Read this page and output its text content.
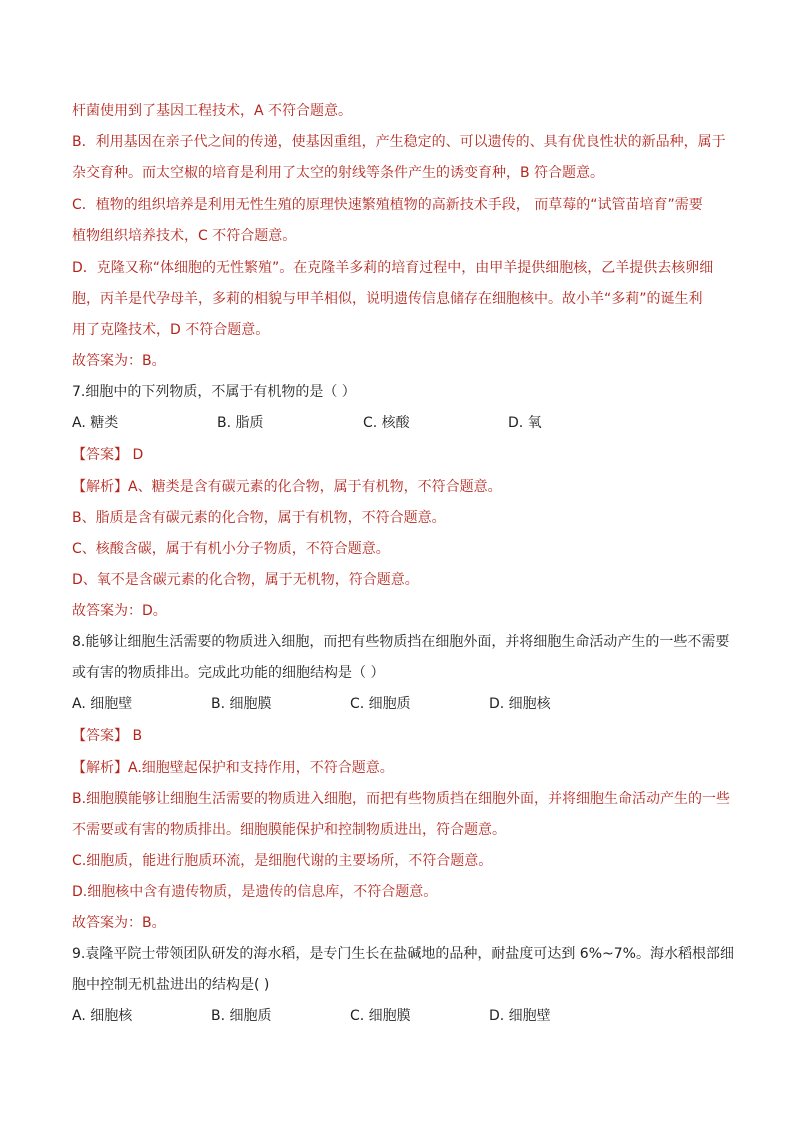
杆菌使用到了基因工程技术，A 不符合题意。
B．利用基因在亲子代之间的传递，使基因重组，产生稳定的、可以遗传的、具有优良性状的新品种，属于
杂交育种。而太空椒的培育是利用了太空的射线等条件产生的诱变育种，B 符合题意。
C．植物的组织培养是利用无性生殖的原理快速繁殖植物的高新技术手段， 而草莓的“试管苗培育”需要
植物组织培养技术，C 不符合题意。
D．克隆又称“体细胞的无性繁殖”。在克隆羊多莉的培育过程中，由甲羊提供细胞核，乙羊提供去核卵细
胞，丙羊是代孕母羊，多莉的相貌与甲羊相似，说明遗传信息储存在细胞核中。故小羊“多莉”的诞生利
用了克隆技术，D 不符合题意。
故答案为：B。
7.细胞中的下列物质，不属于有机物的是（ ）
A. 糖类	B. 脂质	C. 核酸	D. 氧
【答案】 D
【解析】A、糖类是含有碳元素的化合物，属于有机物，不符合题意。
B、脂质是含有碳元素的化合物，属于有机物，不符合题意。
C、核酸含碳，属于有机小分子物质，不符合题意。
D、氧不是含碳元素的化合物，属于无机物，符合题意。
故答案为：D。
8.能够让细胞生活需要的物质进入细胞，而把有些物质挡在细胞外面，并将细胞生命活动产生的一些不需要
或有害的物质排出。完成此功能的细胞结构是（ ）
A. 细胞壁	B. 细胞膜	C. 细胞质	D. 细胞核
【答案】 B
【解析】A.细胞壁起保护和支持作用，不符合题意。
B.细胞膜能够让细胞生活需要的物质进入细胞，而把有些物质挡在细胞外面，并将细胞生命活动产生的一些
不需要或有害的物质排出。细胞膜能保护和控制物质进出，符合题意。
C.细胞质，能进行胞质环流，是细胞代谢的主要场所，不符合题意。
D.细胞核中含有遗传物质，是遗传的信息库，不符合题意。
故答案为：B。
9.袁隆平院士带领团队研发的海水稻，是专门生长在盐碱地的品种，耐盐度可达到 6%~7%。海水稻根部细
胞中控制无机盐进出的结构是( )
A. 细胞核	B. 细胞质	C. 细胞膜	D. 细胞壁
